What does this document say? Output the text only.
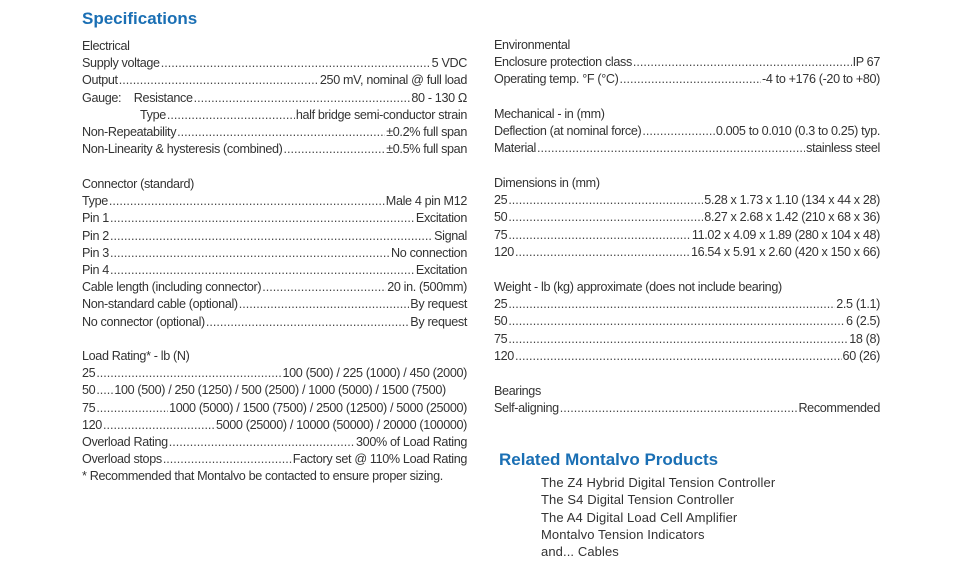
Specifications
Electrical
Supply voltage .....	5 VDC
Output .....	250 mV, nominal @ full load
Gauge:    Resistance .....	80 - 130 Ω
Type .....	half bridge semi-conductor strain
Non-Repeatability .....	±0.2% full span
Non-Linearity & hysteresis (combined) .....	±0.5% full span
Connector (standard)
Type .....	Male 4 pin M12
Pin 1 .....	Excitation
Pin 2 .....	Signal
Pin 3 .....	No connection
Pin 4 .....	Excitation
Cable length (including connector) .....	20 in. (500mm)
Non-standard cable (optional) .....	By request
No connector (optional) .....	By request
Load Rating* - lb (N)
25 .....	100 (500) / 225 (1000) / 450 (2000)
50 ..... 100 (500) / 250 (1250) / 500 (2500) / 1000 (5000) / 1500 (7500)
75 .....	1000 (5000) / 1500 (7500) / 2500 (12500) / 5000 (25000)
120 .....	5000 (25000) / 10000 (50000) / 20000 (100000)
Overload Rating .....	300% of Load Rating
Overload stops .....	Factory set @ 110% Load Rating
* Recommended that Montalvo be contacted to ensure proper sizing.
Environmental
Enclosure protection class .....	IP 67
Operating temp. °F (°C) .....	-4 to +176 (-20 to +80)
Mechanical - in (mm)
Deflection (at nominal force) .....	0.005 to 0.010 (0.3 to 0.25) typ.
Material .....	stainless steel
Dimensions in (mm)
25 .....	5.28 x 1.73 x 1.10 (134 x 44 x 28)
50 .....	8.27 x 2.68 x 1.42 (210 x 68 x 36)
75 .....	11.02 x 4.09 x 1.89 (280 x 104 x 48)
120 .....	16.54 x 5.91 x 2.60 (420 x 150 x 66)
Weight - lb (kg) approximate (does not include bearing)
25 .....	2.5 (1.1)
50 .....	6 (2.5)
75 .....	18 (8)
120 .....	60 (26)
Bearings
Self-aligning .....	Recommended
Related Montalvo Products
The Z4 Hybrid Digital Tension Controller
The S4 Digital Tension Controller
The A4 Digital Load Cell Amplifier
Montalvo Tension Indicators
and... Cables
